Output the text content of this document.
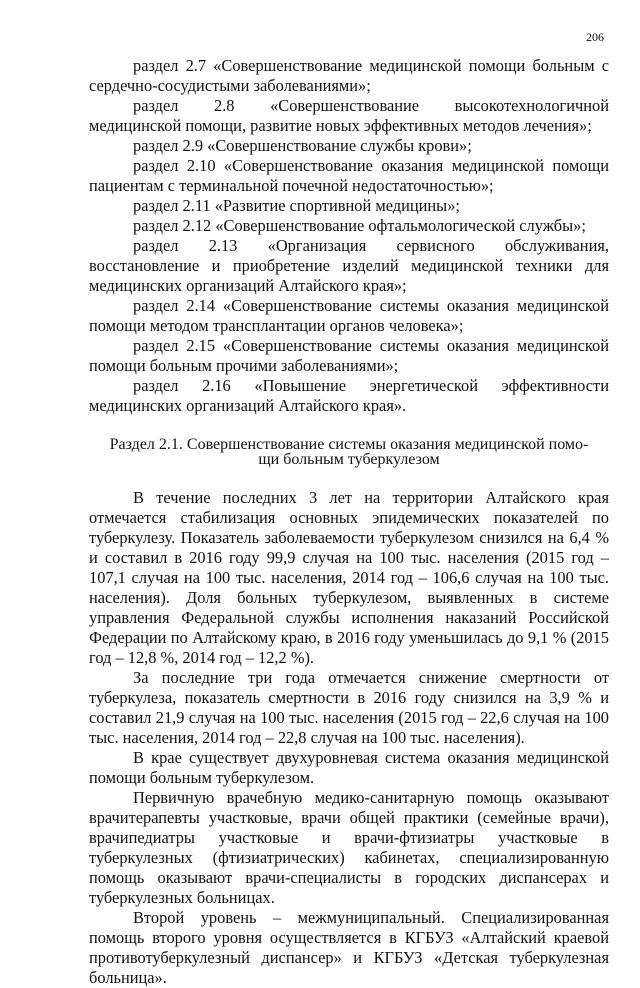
206

раздел 2.7 «Совершенствование медицинской помощи больным с сердечно-сосудистыми заболеваниями»;

раздел 2.8 «Совершенствование высокотехнологичной медицинской помощи, развитие новых эффективных методов лечения»;

раздел 2.9 «Совершенствование службы крови»;

раздел 2.10 «Совершенствование оказания медицинской помощи пациентам с терминальной почечной недостаточностью»;

раздел 2.11 «Развитие спортивной медицины»;

раздел 2.12 «Совершенствование офтальмологической службы»;

раздел 2.13 «Организация сервисного обслуживания, восстановление и приобретение изделий медицинской техники для медицинских организаций Алтайского края»;

раздел 2.14 «Совершенствование системы оказания медицинской помощи методом трансплантации органов человека»;

раздел 2.15 «Совершенствование системы оказания медицинской помощи больным прочими заболеваниями»;

раздел 2.16 «Повышение энергетической эффективности медицинских организаций Алтайского края».

Раздел 2.1. Совершенствование системы оказания медицинской помощи больным туберкулезом

В течение последних 3 лет на территории Алтайского края отмечается стабилизация основных эпидемических показателей по туберкулезу. Показатель заболеваемости туберкулезом снизился на 6,4 % и составил в 2016 году 99,9 случая на 100 тыс. населения (2015 год – 107,1 случая на 100 тыс. населения, 2014 год – 106,6 случая на 100 тыс. населения). Доля больных туберкулезом, выявленных в системе управления Федеральной службы исполнения наказаний Российской Федерации по Алтайскому краю, в 2016 году уменьшилась до 9,1 % (2015 год – 12,8 %, 2014 год – 12,2 %).

За последние три года отмечается снижение смертности от туберкулеза, показатель смертности в 2016 году снизился на 3,9 % и составил 21,9 случая на 100 тыс. населения (2015 год – 22,6 случая на 100 тыс. населения, 2014 год – 22,8 случая на 100 тыс. населения).

В крае существует двухуровневая система оказания медицинской помощи больным туберкулезом.

Первичную врачебную медико-санитарную помощь оказывают врачитерапевты участковые, врачи общей практики (семейные врачи), врачипедиатры участковые и врачи-фтизиатры участковые в туберкулезных (фтизиатрических) кабинетах, специализированную помощь оказывают врачи-специалисты в городских диспансерах и туберкулезных больницах.

Второй уровень – межмуниципальный. Специализированная помощь второго уровня осуществляется в КГБУЗ «Алтайский краевой противотуберкулезный диспансер» и КГБУЗ «Детская туберкулезная больница».
